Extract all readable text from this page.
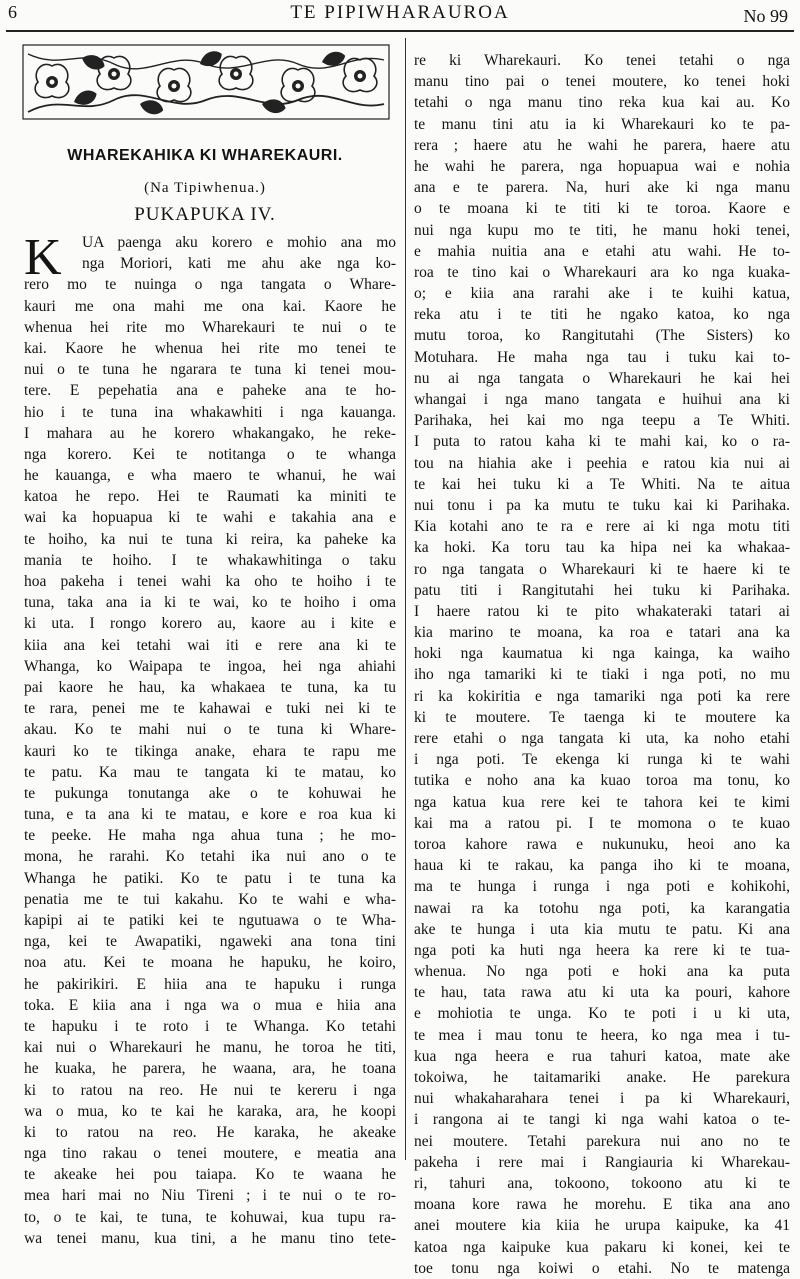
6	TE PIPIWHARAUROA	No 99
WHAREKAHIKA KI WHAREKAURI.
(Na Tipiwhenua.)
PUKAPUKA IV.
K	UA paenga aku korero e mohio ana mo
nga Moriori, kati me ahu ake nga ko-
rero mo te nuinga o nga tangata o Whare-
kauri me ona mahi me ona kai. Kaore he
whenua hei rite mo Wharekauri te nui o te
kai. Kaore he whenua hei rite mo tenei te
nui o te tuna he ngarara te tuna ki tenei mou-
tere. E pepehatia ana e paheke ana te ho-
hio i te tuna ina whakawhiti i nga kauanga.
I mahara au he korero whakangako, he reke-
nga korero. Kei te notitanga o te whanga
he kauanga, e wha maero te whanui, he wai
katoa he repo. Hei te Raumati ka miniti te
wai ka hopuapua ki te wahi e takahia ana e
te hoiho, ka nui te tuna ki reira, ka paheke ka
mania te hoiho. I te whakawhitinga o taku
hoa pakeha i tenei wahi ka oho te hoiho i te
tuna, taka ana ia ki te wai, ko te hoiho i oma
ki uta. I rongo korero au, kaore au i kite e
kiia ana kei tetahi wai iti e rere ana ki te
Whanga, ko Waipapa te ingoa, hei nga ahiahi
pai kaore he hau, ka whakaea te tuna, ka tu
te rara, penei me te kahawai e tuki nei ki te
akau. Ko te mahi nui o te tuna ki Whare-
kauri ko te tikinga anake, ehara te rapu me
te patu. Ka mau te tangata ki te matau, ko
te pukunga tonutanga ake o te kohuwai he
tuna, e ta ana ki te matau, e kore e roa kua ki
te peeke. He maha nga ahua tuna ; he mo-
mona, he rarahi. Ko tetahi ika nui ano o te
Whanga he patiki. Ko te patu i te tuna ka
penatia me te tui kakahu. Ko te wahi e wha-
kapipi ai te patiki kei te ngutuawa o te Wha-
nga, kei te Awapatiki, ngaweki ana tona tini
noa atu. Kei te moana he hapuku, he koiro,
he pakirikiri. E hiia ana te hapuku i runga
toka. E kiia ana i nga wa o mua e hiia ana
te hapuku i te roto i te Whanga. Ko tetahi
kai nui o Wharekauri he manu, he toroa he titi,
he kuaka, he parera, he waana, ara, he toana
ki to ratou na reo. He nui te kereru i nga
wa o mua, ko te kai he karaka, ara, he koopi
ki to ratou na reo. He karaka, he akeake
nga tino rakau o tenei moutere, e meatia ana
te akeake hei pou taiapa. Ko te waana he
mea hari mai no Niu Tireni ; i te nui o te ro-
to, o te kai, te tuna, te kohuwai, kua tupu ra-
wa tenei manu, kua tini, a he manu tino tete-
re ki Wharekauri. Ko tenei tetahi o nga
manu tino pai o tenei moutere, ko tenei hoki
tetahi o nga manu tino reka kua kai au. Ko
te manu tini atu ia ki Wharekauri ko te pa-
rera ; haere atu he wahi he parera, haere atu
he wahi he parera, nga hopuapua wai e nohia
ana e te parera. Na, huri ake ki nga manu
o te moana ki te titi ki te toroa. Kaore e
nui nga kupu mo te titi, he manu hoki tenei,
e mahia nuitia ana e etahi atu wahi. He to-
roa te tino kai o Wharekauri ara ko nga kuaka-
o; e kiia ana rarahi ake i te kuihi katua,
reka atu i te titi he ngako katoa, ko nga
mutu toroa, ko Rangitutahi (The Sisters) ko
Motuhara. He maha nga tau i tuku kai to-
nu ai nga tangata o Wharekauri he kai hei
whangai i nga mano tangata e huihui ana ki
Parihaka, hei kai mo nga teepu a Te Whiti.
I puta to ratou kaha ki te mahi kai, ko o ra-
tou na hiahia ake i peehia e ratou kia nui ai
te kai hei tuku ki a Te Whiti. Na te aitua
nui tonu i pa ka mutu te tuku kai ki Parihaka.
Kia kotahi ano te ra e rere ai ki nga motu titi
ka hoki. Ka toru tau ka hipa nei ka whakaa-
ro nga tangata o Wharekauri ki te haere ki te
patu titi i Rangitutahi hei tuku ki Parihaka.
I haere ratou ki te pito whakateraki tatari ai
kia marino te moana, ka roa e tatari ana ka
hoki nga kaumatua ki nga kainga, ka waiho
iho nga tamariki ki te tiaki i nga poti, no mu
ri ka kokiritia e nga tamariki nga poti ka rere
ki te moutere. Te taenga ki te moutere ka
rere etahi o nga tangata ki uta, ka noho etahi
i nga poti. Te ekenga ki runga ki te wahi
tutika e noho ana ka kuao toroa ma tonu, ko
nga katua kua rere kei te tahora kei te kimi
kai ma a ratou pi. I te momona o te kuao
toroa kahore rawa e nukunuku, heoi ano ka
haua ki te rakau, ka panga iho ki te moana,
ma te hunga i runga i nga poti e kohikohi,
nawai ra ka totohu nga poti, ka karangatia
ake te hunga i uta kia mutu te patu. Ki ana
nga poti ka huti nga heera ka rere ki te tua-
whenua. No nga poti e hoki ana ka puta
te hau, tata rawa atu ki uta ka pouri, kahore
e mohiotia te unga. Ko te poti i u ki uta,
te mea i mau tonu te heera, ko nga mea i tu-
kua nga heera e rua tahuri katoa, mate ake
tokoiwa, he taitamariki anake. He parekura
nui whakaharahara tenei i pa ki Wharekauri,
i rangona ai te tangi ki nga wahi katoa o te-
nei moutere. Tetahi parekura nui ano no te
pakeha i rere mai i Rangiauria ki Wharekau-
ri, tahuri ana, tokoono, tokoono atu ki te
moana kore rawa he morehu. E tika ana ano
anei moutere kia kiia he urupa kaipuke, ka 41
katoa nga kaipuke kua pakaru ki konei, kei te
toe tonu nga koiwi o etahi. No te matenga
